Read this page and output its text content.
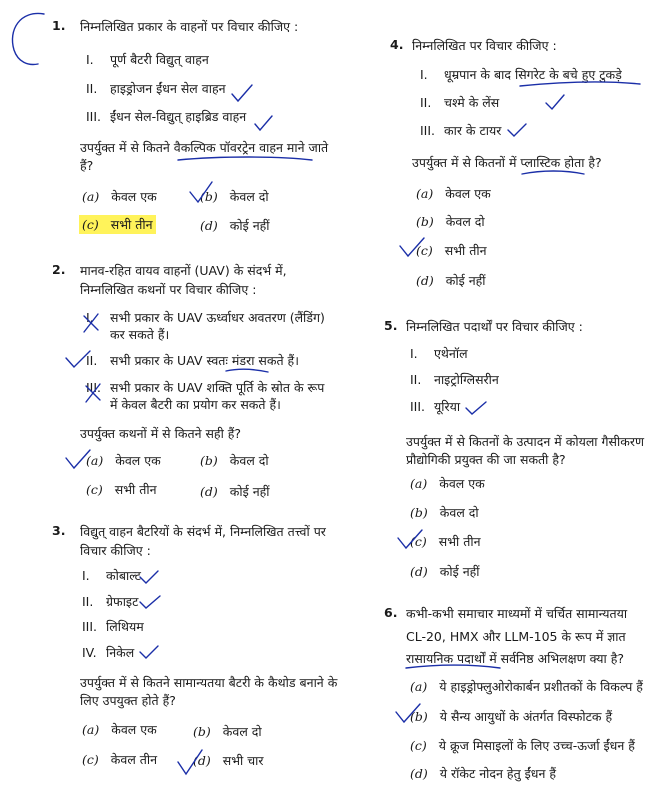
1. निम्नलिखित प्रकार के वाहनों पर विचार कीजिए :
I. पूर्ण बैटरी विद्युत् वाहन
II. हाइड्रोजन ईंधन सेल वाहन
III. ईंधन सेल-विद्युत् हाइब्रिड वाहन
उपर्युक्त में से कितने वैकल्पिक पॉवरट्रेन वाहन माने जाते
हैं?
(a) केवल एक	(b) केवल दो
(c) सभी तीन	(d) कोई नहीं
2. मानव-रहित वायव वाहनों (UAV) के संदर्भ में,
निम्नलिखित कथनों पर विचार कीजिए :
I. सभी प्रकार के UAV ऊर्ध्वाधर अवतरण (लैंडिंग)
कर सकते हैं।
II. सभी प्रकार के UAV स्वतः मंडरा सकते हैं।
III. सभी प्रकार के UAV शक्ति पूर्ति के स्रोत के रूप
में केवल बैटरी का प्रयोग कर सकते हैं।
उपर्युक्त कथनों में से कितने सही हैं?
(a) केवल एक	(b) केवल दो
(c) सभी तीन	(d) कोई नहीं
3. विद्युत् वाहन बैटरियों के संदर्भ में, निम्नलिखित तत्त्वों पर
विचार कीजिए :
I. कोबाल्ट
II. ग्रेफाइट
III. लिथियम
IV. निकेल
उपर्युक्त में से कितने सामान्यतया बैटरी के कैथोड बनाने के
लिए उपयुक्त होते हैं?
(a) केवल एक	(b) केवल दो
(c) केवल तीन	(d) सभी चार
4. निम्नलिखित पर विचार कीजिए :
I. धूम्रपान के बाद सिगरेट के बचे हुए टुकड़े
II. चश्मे के लेंस
III. कार के टायर
उपर्युक्त में से कितनों में प्लास्टिक होता है?
(a) केवल एक
(b) केवल दो
(c) सभी तीन
(d) कोई नहीं
5. निम्नलिखित पदार्थों पर विचार कीजिए :
I. एथेनॉल
II. नाइट्रोग्लिसरीन
III. यूरिया
उपर्युक्त में से कितनों के उत्पादन में कोयला गैसीकरण
प्रौद्योगिकी प्रयुक्त की जा सकती है?
(a) केवल एक
(b) केवल दो
(c) सभी तीन
(d) कोई नहीं
6. कभी-कभी समाचार माध्यमों में चर्चित सामान्यतया
CL-20, HMX और LLM-105 के रूप में ज्ञात
रासायनिक पदार्थों में सर्वनिष्ठ अभिलक्षण क्या है?
(a) ये हाइड्रोफ्लुओरोकार्बन प्रशीतकों के विकल्प हैं
(b) ये सैन्य आयुधों के अंतर्गत विस्फोटक हैं
(c) ये क्रूज मिसाइलों के लिए उच्च-ऊर्जा ईंधन हैं
(d) ये रॉकेट नोदन हेतु ईंधन हैं
